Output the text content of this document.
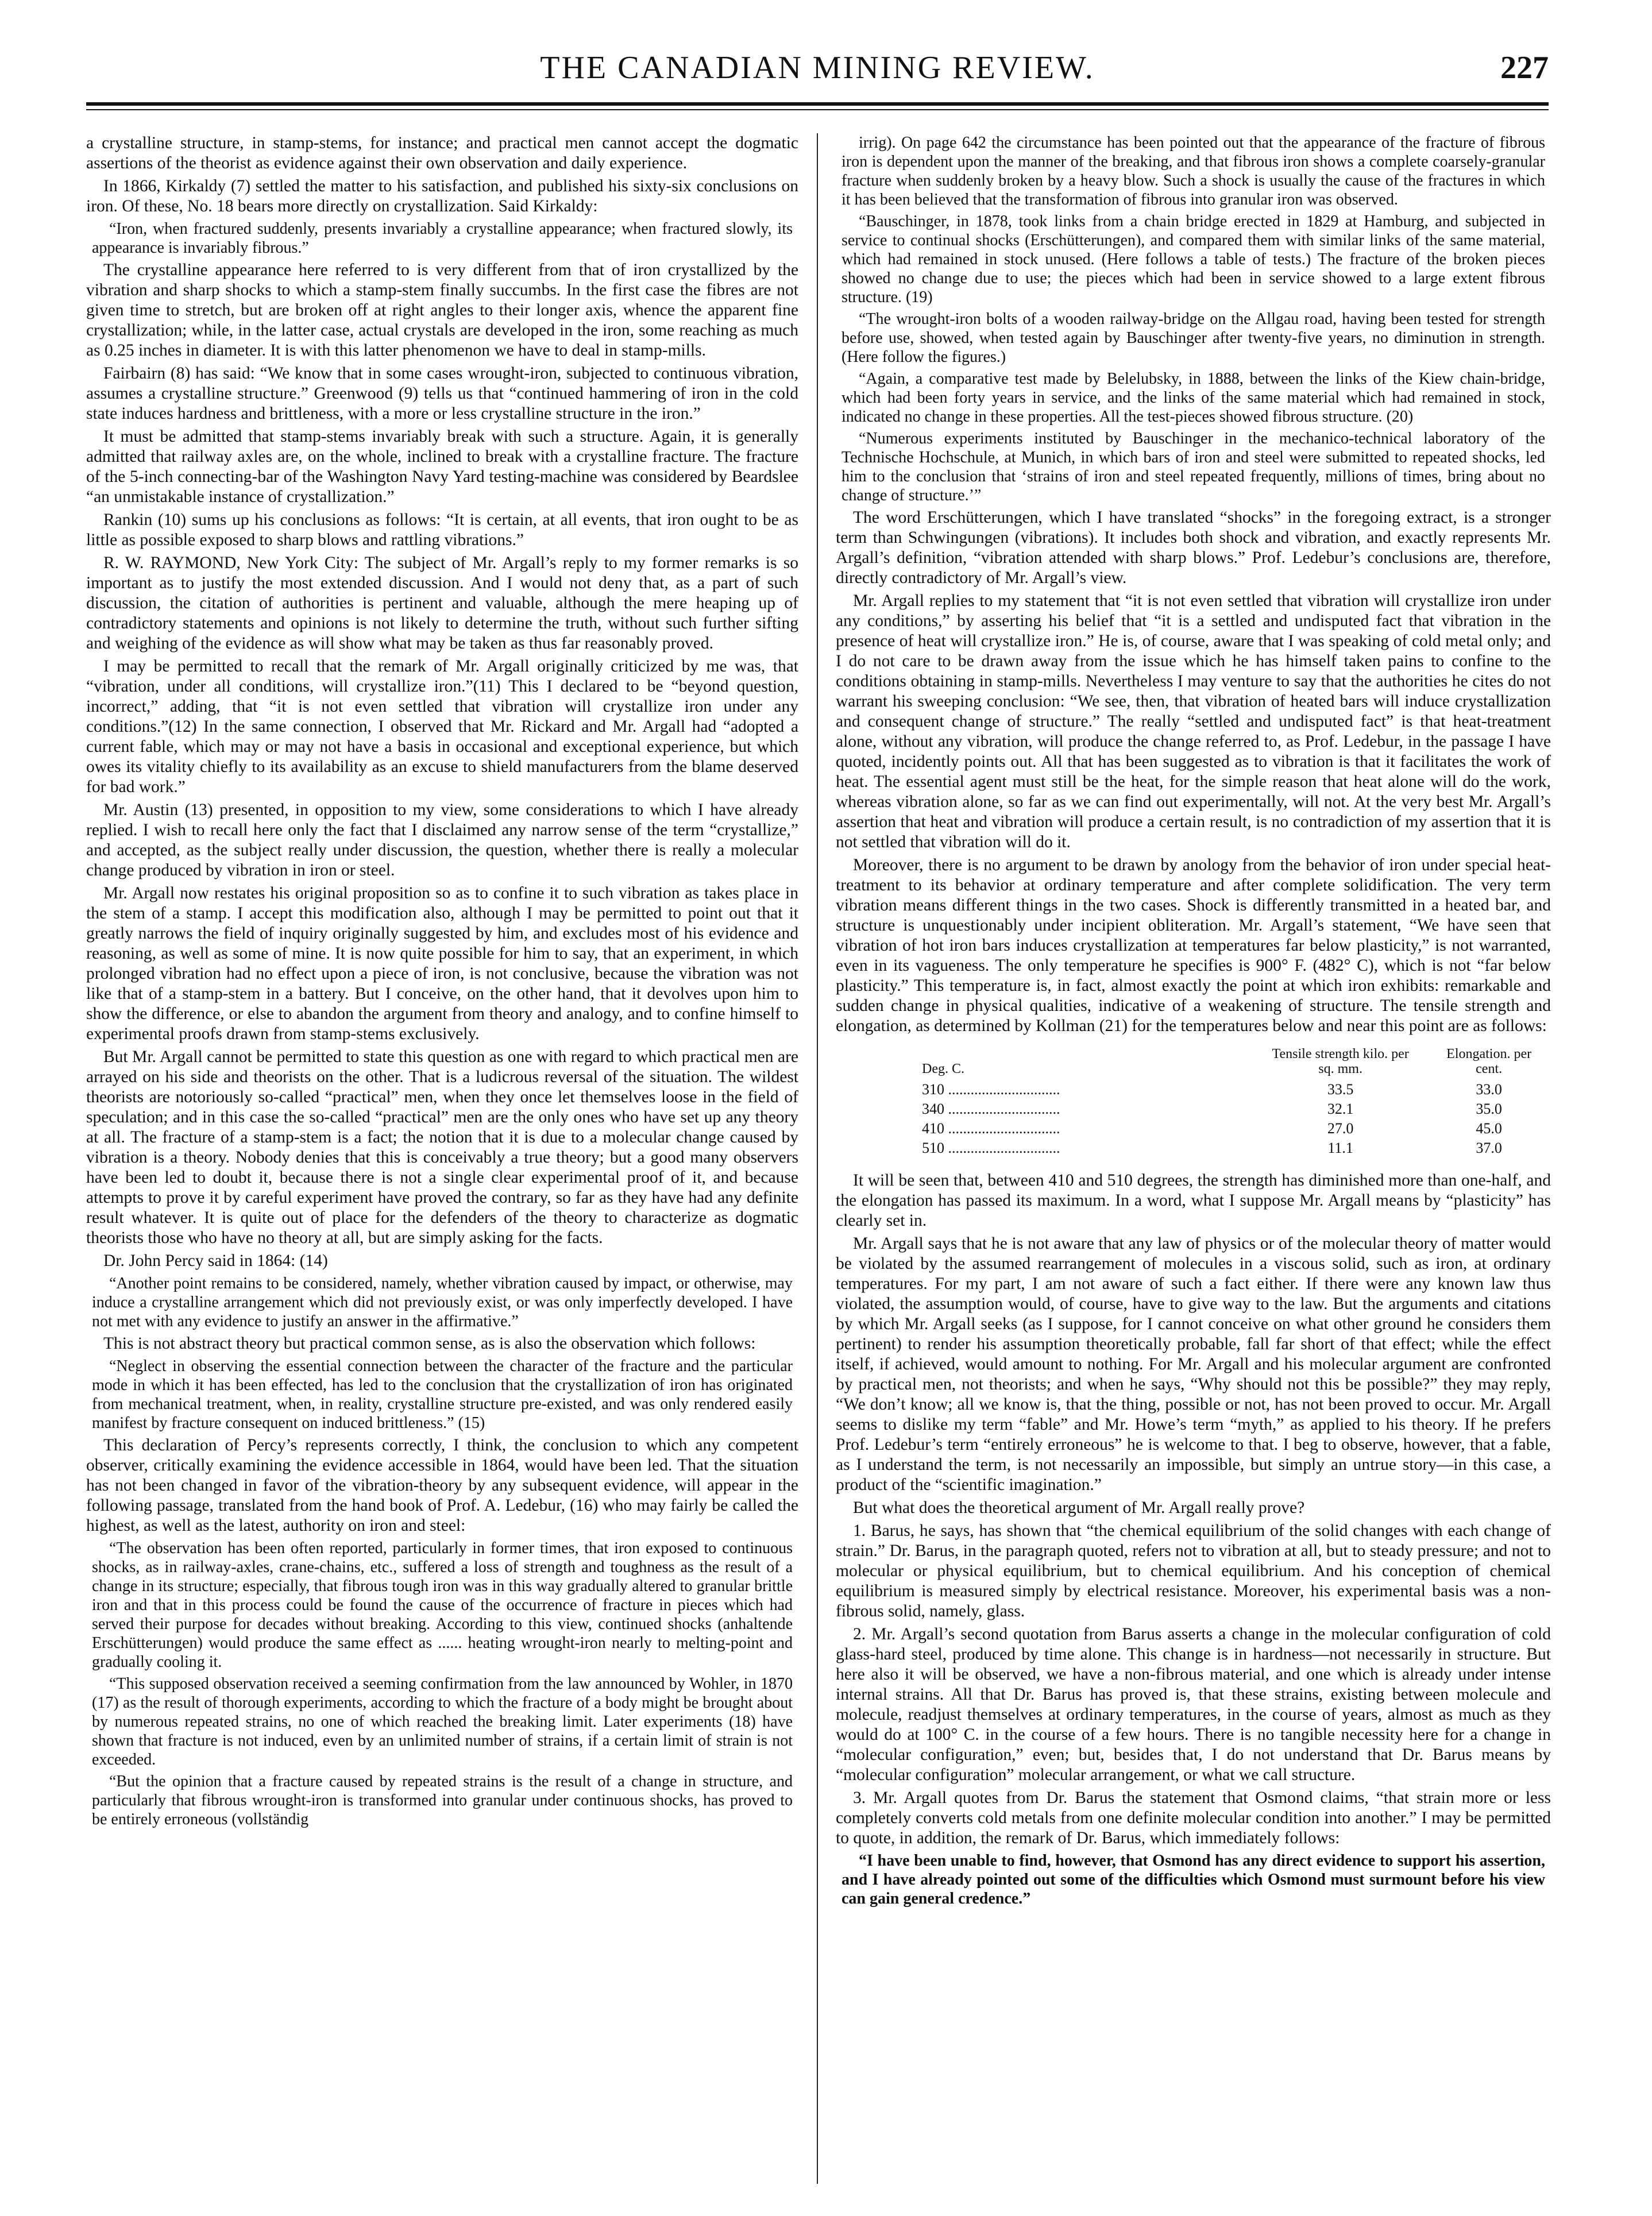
THE CANADIAN MINING REVIEW.	227

a crystalline structure, in stamp-stems, for instance; and practical men cannot accept the dogmatic assertions of the theorist as evidence against their own observation and daily experience.

In 1866, Kirkaldy (7) settled the matter to his satisfaction, and published his sixty-six conclusions on iron. Of these, No. 18 bears more directly on crystallization. Said Kirkaldy:

“Iron, when fractured suddenly, presents invariably a crystalline appearance; when fractured slowly, its appearance is invariably fibrous.”

The crystalline appearance here referred to is very different from that of iron crystallized by the vibration and sharp shocks to which a stamp-stem finally succumbs. In the first case the fibres are not given time to stretch, but are broken off at right angles to their longer axis, whence the apparent fine crystallization; while, in the latter case, actual crystals are developed in the iron, some reaching as much as 0.25 inches in diameter. It is with this latter phenomenon we have to deal in stamp-mills.

Fairbairn (8) has said: “We know that in some cases wrought-iron, subjected to continuous vibration, assumes a crystalline structure.” Greenwood (9) tells us that “continued hammering of iron in the cold state induces hardness and brittleness, with a more or less crystalline structure in the iron.”

It must be admitted that stamp-stems invariably break with such a structure. Again, it is generally admitted that railway axles are, on the whole, inclined to break with a crystalline fracture. The fracture of the 5-inch connecting-bar of the Washington Navy Yard testing-machine was considered by Beardslee “an unmistakable instance of crystallization.”

Rankin (10) sums up his conclusions as follows: “It is certain, at all events, that iron ought to be as little as possible exposed to sharp blows and rattling vibrations.”

R. W. RAYMOND, New York City: The subject of Mr. Argall’s reply to my former remarks is so important as to justify the most extended discussion. And I would not deny that, as a part of such discussion, the citation of authorities is pertinent and valuable, although the mere heaping up of contradictory statements and opinions is not likely to determine the truth, without such further sifting and weighing of the evidence as will show what may be taken as thus far reasonably proved.

I may be permitted to recall that the remark of Mr. Argall originally criticized by me was, that “vibration, under all conditions, will crystallize iron.”(11) This I declared to be “beyond question, incorrect,” adding, that “it is not even settled that vibration will crystallize iron under any conditions.”(12) In the same connection, I observed that Mr. Rickard and Mr. Argall had “adopted a current fable, which may or may not have a basis in occasional and exceptional experience, but which owes its vitality chiefly to its availability as an excuse to shield manufacturers from the blame deserved for bad work.”

Mr. Austin (13) presented, in opposition to my view, some considerations to which I have already replied. I wish to recall here only the fact that I disclaimed any narrow sense of the term “crystallize,” and accepted, as the subject really under discussion, the question, whether there is really a molecular change produced by vibration in iron or steel.

Mr. Argall now restates his original proposition so as to confine it to such vibration as takes place in the stem of a stamp. I accept this modification also, although I may be permitted to point out that it greatly narrows the field of inquiry originally suggested by him, and excludes most of his evidence and reasoning, as well as some of mine. It is now quite possible for him to say, that an experiment, in which prolonged vibration had no effect upon a piece of iron, is not conclusive, because the vibration was not like that of a stamp-stem in a battery. But I conceive, on the other hand, that it devolves upon him to show the difference, or else to abandon the argument from theory and analogy, and to confine himself to experimental proofs drawn from stamp-stems exclusively.

But Mr. Argall cannot be permitted to state this question as one with regard to which practical men are arrayed on his side and theorists on the other. That is a ludicrous reversal of the situation. The wildest theorists are notoriously so-called “practical” men, when they once let themselves loose in the field of speculation; and in this case the so-called “practical” men are the only ones who have set up any theory at all. The fracture of a stamp-stem is a fact; the notion that it is due to a molecular change caused by vibration is a theory. Nobody denies that this is conceivably a true theory; but a good many observers have been led to doubt it, because there is not a single clear experimental proof of it, and because attempts to prove it by careful experiment have proved the contrary, so far as they have had any definite result whatever. It is quite out of place for the defenders of the theory to characterize as dogmatic theorists those who have no theory at all, but are simply asking for the facts.

Dr. John Percy said in 1864: (14)

“Another point remains to be considered, namely, whether vibration caused by impact, or otherwise, may induce a crystalline arrangement which did not previously exist, or was only imperfectly developed. I have not met with any evidence to justify an answer in the affirmative.”

This is not abstract theory but practical common sense, as is also the observation which follows:

“Neglect in observing the essential connection between the character of the fracture and the particular mode in which it has been effected, has led to the conclusion that the crystallization of iron has originated from mechanical treatment, when, in reality, crystalline structure pre-existed, and was only rendered easily manifest by fracture consequent on induced brittleness.” (15)

This declaration of Percy’s represents correctly, I think, the conclusion to which any competent observer, critically examining the evidence accessible in 1864, would have been led. That the situation has not been changed in favor of the vibration-theory by any subsequent evidence, will appear in the following passage, translated from the hand book of Prof. A. Ledebur, (16) who may fairly be called the highest, as well as the latest, authority on iron and steel:

“The observation has been often reported, particularly in former times, that iron exposed to continuous shocks, as in railway-axles, crane-chains, etc., suffered a loss of strength and toughness as the result of a change in its structure; especially, that fibrous tough iron was in this way gradually altered to granular brittle iron and that in this process could be found the cause of the occurrence of fracture in pieces which had served their purpose for decades without breaking. According to this view, continued shocks (anhaltende Erschütterungen) would produce the same effect as ...... heating wrought-iron nearly to melting-point and gradually cooling it.

“This supposed observation received a seeming confirmation from the law announced by Wohler, in 1870 (17) as the result of thorough experiments, according to which the fracture of a body might be brought about by numerous repeated strains, no one of which reached the breaking limit. Later experiments (18) have shown that fracture is not induced, even by an unlimited number of strains, if a certain limit of strain is not exceeded.

“But the opinion that a fracture caused by repeated strains is the result of a change in structure, and particularly that fibrous wrought-iron is transformed into granular under continuous shocks, has proved to be entirely erroneous (vollständig

irrig). On page 642 the circumstance has been pointed out that the appearance of the fracture of fibrous iron is dependent upon the manner of the breaking, and that fibrous iron shows a complete coarsely-granular fracture when suddenly broken by a heavy blow. Such a shock is usually the cause of the fractures in which it has been believed that the transformation of fibrous into granular iron was observed.

“Bauschinger, in 1878, took links from a chain bridge erected in 1829 at Hamburg, and subjected in service to continual shocks (Erschütterungen), and compared them with similar links of the same material, which had remained in stock unused. (Here follows a table of tests.) The fracture of the broken pieces showed no change due to use; the pieces which had been in service showed to a large extent fibrous structure. (19)

“The wrought-iron bolts of a wooden railway-bridge on the Allgau road, having been tested for strength before use, showed, when tested again by Bauschinger after twenty-five years, no diminution in strength. (Here follow the figures.)

“Again, a comparative test made by Belelubsky, in 1888, between the links of the Kiew chain-bridge, which had been forty years in service, and the links of the same material which had remained in stock, indicated no change in these properties. All the test-pieces showed fibrous structure. (20)

“Numerous experiments instituted by Bauschinger in the mechanico-technical laboratory of the Technische Hochschule, at Munich, in which bars of iron and steel were submitted to repeated shocks, led him to the conclusion that ‘strains of iron and steel repeated frequently, millions of times, bring about no change of structure.’”

The word Erschütterungen, which I have translated “shocks” in the foregoing extract, is a stronger term than Schwingungen (vibrations). It includes both shock and vibration, and exactly represents Mr. Argall’s definition, “vibration attended with sharp blows.” Prof. Ledebur’s conclusions are, therefore, directly contradictory of Mr. Argall’s view.

Mr. Argall replies to my statement that “it is not even settled that vibration will crystallize iron under any conditions,” by asserting his belief that “it is a settled and undisputed fact that vibration in the presence of heat will crystallize iron.” He is, of course, aware that I was speaking of cold metal only; and I do not care to be drawn away from the issue which he has himself taken pains to confine to the conditions obtaining in stamp-mills. Nevertheless I may venture to say that the authorities he cites do not warrant his sweeping conclusion: “We see, then, that vibration of heated bars will induce crystallization and consequent change of structure.” The really “settled and undisputed fact” is that heat-treatment alone, without any vibration, will produce the change referred to, as Prof. Ledebur, in the passage I have quoted, incidently points out. All that has been suggested as to vibration is that it facilitates the work of heat. The essential agent must still be the heat, for the simple reason that heat alone will do the work, whereas vibration alone, so far as we can find out experimentally, will not. At the very best Mr. Argall’s assertion that heat and vibration will produce a certain result, is no contradiction of my assertion that it is not settled that vibration will do it.

Moreover, there is no argument to be drawn by anology from the behavior of iron under special heat-treatment to its behavior at ordinary temperature and after complete solidification. The very term vibration means different things in the two cases. Shock is differently transmitted in a heated bar, and structure is unquestionably under incipient obliteration. Mr. Argall’s statement, “We have seen that vibration of hot iron bars induces crystallization at temperatures far below plasticity,” is not warranted, even in its vagueness. The only temperature he specifies is 900° F. (482° C), which is not “far below plasticity.” This temperature is, in fact, almost exactly the point at which iron exhibits: remarkable and sudden change in physical qualities, indicative of a weakening of structure. The tensile strength and elongation, as determined by Kollman (21) for the temperatures below and near this point are as follows:

Deg. C.	Tensile strength kilo. per sq. mm.	Elongation. per cent.
310 ..............................	33.5	33.0
340 ..............................	32.1	35.0
410 ..............................	27.0	45.0
510 ..............................	11.1	37.0

It will be seen that, between 410 and 510 degrees, the strength has diminished more than one-half, and the elongation has passed its maximum. In a word, what I suppose Mr. Argall means by “plasticity” has clearly set in.

Mr. Argall says that he is not aware that any law of physics or of the molecular theory of matter would be violated by the assumed rearrangement of molecules in a viscous solid, such as iron, at ordinary temperatures. For my part, I am not aware of such a fact either. If there were any known law thus violated, the assumption would, of course, have to give way to the law. But the arguments and citations by which Mr. Argall seeks (as I suppose, for I cannot conceive on what other ground he considers them pertinent) to render his assumption theoretically probable, fall far short of that effect; while the effect itself, if achieved, would amount to nothing. For Mr. Argall and his molecular argument are confronted by practical men, not theorists; and when he says, “Why should not this be possible?” they may reply, “We don’t know; all we know is, that the thing, possible or not, has not been proved to occur. Mr. Argall seems to dislike my term “fable” and Mr. Howe’s term “myth,” as applied to his theory. If he prefers Prof. Ledebur’s term “entirely erroneous” he is welcome to that. I beg to observe, however, that a fable, as I understand the term, is not necessarily an impossible, but simply an untrue story—in this case, a product of the “scientific imagination.”

But what does the theoretical argument of Mr. Argall really prove?

1. Barus, he says, has shown that “the chemical equilibrium of the solid changes with each change of strain.” Dr. Barus, in the paragraph quoted, refers not to vibration at all, but to steady pressure; and not to molecular or physical equilibrium, but to chemical equilibrium. And his conception of chemical equilibrium is measured simply by electrical resistance. Moreover, his experimental basis was a non-fibrous solid, namely, glass.

2. Mr. Argall’s second quotation from Barus asserts a change in the molecular configuration of cold glass-hard steel, produced by time alone. This change is in hardness—not necessarily in structure. But here also it will be observed, we have a non-fibrous material, and one which is already under intense internal strains. All that Dr. Barus has proved is, that these strains, existing between molecule and molecule, readjust themselves at ordinary temperatures, in the course of years, almost as much as they would do at 100° C. in the course of a few hours. There is no tangible necessity here for a change in “molecular configuration,” even; but, besides that, I do not understand that Dr. Barus means by “molecular configuration” molecular arrangement, or what we call structure.

3. Mr. Argall quotes from Dr. Barus the statement that Osmond claims, “that strain more or less completely converts cold metals from one definite molecular condition into another.” I may be permitted to quote, in addition, the remark of Dr. Barus, which immediately follows:

“I have been unable to find, however, that Osmond has any direct evidence to support his assertion, and I have already pointed out some of the difficulties which Osmond must surmount before his view can gain general credence.”
